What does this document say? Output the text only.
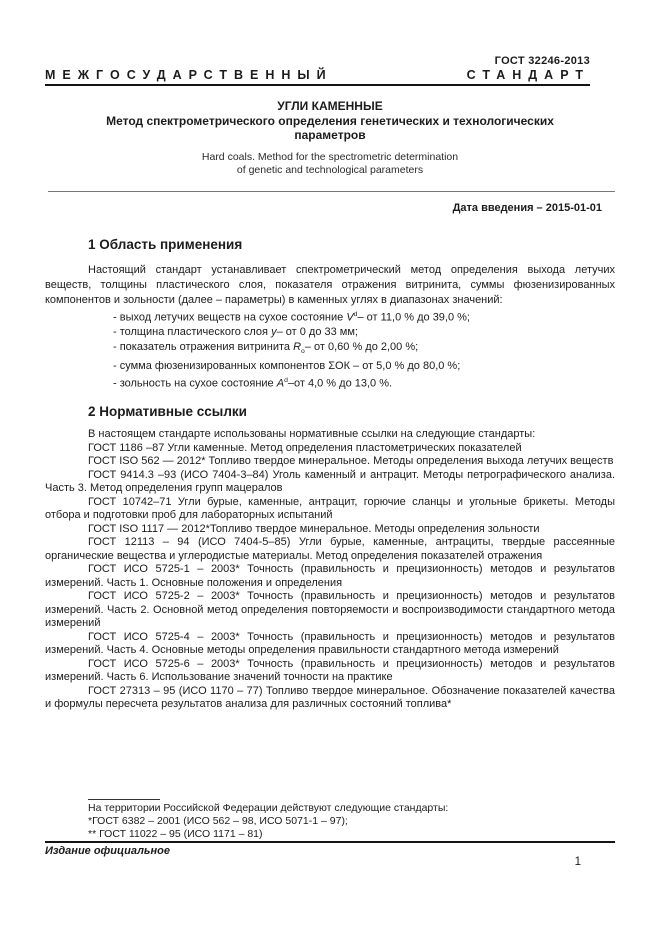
ГОСТ 32246-2013
МЕЖГОСУДАРСТВЕННЫЙ	СТАНДАРТ
УГЛИ КАМЕННЫЕ
Метод спектрометрического определения генетических и технологических
параметров
Hard coals. Method for the spectrometric determination
of genetic and technological parameters
Дата введения – 2015-01-01
1 Область применения

Настоящий стандарт устанавливает спектрометрический метод определения выхода летучих веществ, толщины пластического слоя, показателя отражения витринита, суммы фюзенизированных компонентов и зольности (далее – параметры) в каменных углях в диапазонах значений:

- выход летучих веществ на сухое состояние $V^d-$ от 11,0 % до 39,0 %;
- толщина пластического слоя y– от 0 до 33 мм;
- показатель отражения витринита $R_o-$ от 0,60 % до 2,00 %;
- сумма фюзенизированных компонентов ΣОК – от 5,0 % до 80,0 %;
- зольность на сухое состояние $A^d-от$ 4,0 % до 13,0 %.
2 Нормативные ссылки

В настоящем стандарте использованы нормативные ссылки на следующие стандарты:

ГОСТ 1186 –87 Угли каменные. Метод определения пластометрических показателей

ГОСТ ISO 562 — 2012* Топливо твердое минеральное. Методы определения выхода летучих веществ

ГОСТ 9414.3 –93 (ИСО 7404-3–84) Уголь каменный и антрацит. Методы петрографического анализа. Часть 3. Метод определения групп мацералов

ГОСТ 10742–71 Угли бурые, каменные, антрацит, горючие сланцы и угольные брикеты. Методы отбора и подготовки проб для лабораторных испытаний

ГОСТ ISO 1117 — 2012*Топливо твердое минеральное. Методы определения зольности

ГОСТ 12113 – 94 (ИСО 7404-5–85) Угли бурые, каменные, антрациты, твердые рассеянные органические вещества и углеродистые материалы. Метод определения показателей отражения

ГОСТ ИСО 5725-1 – 2003* Точность (правильность и прецизионность) методов и результатов измерений. Часть 1. Основные положения и определения

ГОСТ ИСО 5725-2 – 2003* Точность (правильность и прецизионность) методов и результатов измерений. Часть 2. Основной метод определения повторяемости и воспроизводимости стандартного метода измерений

ГОСТ ИСО 5725-4 – 2003* Точность (правильность и прецизионность) методов и результатов измерений. Часть 4. Основные методы определения правильности стандартного метода измерений

ГОСТ ИСО 5725-6 – 2003* Точность (правильность и прецизионность) методов и результатов измерений. Часть 6. Использование значений точности на практике

ГОСТ 27313 – 95 (ИСО 1170 – 77) Топливо твердое минеральное. Обозначение показателей качества и формулы пересчета результатов анализа для различных состояний топлива*

На территории Российской Федерации действуют следующие стандарты:
*ГОСТ 6382 – 2001 (ИСО 562 – 98, ИСО 5071-1 – 97);
** ГОСТ 11022 – 95 (ИСО 1171 – 81)
Издание официальное
1
